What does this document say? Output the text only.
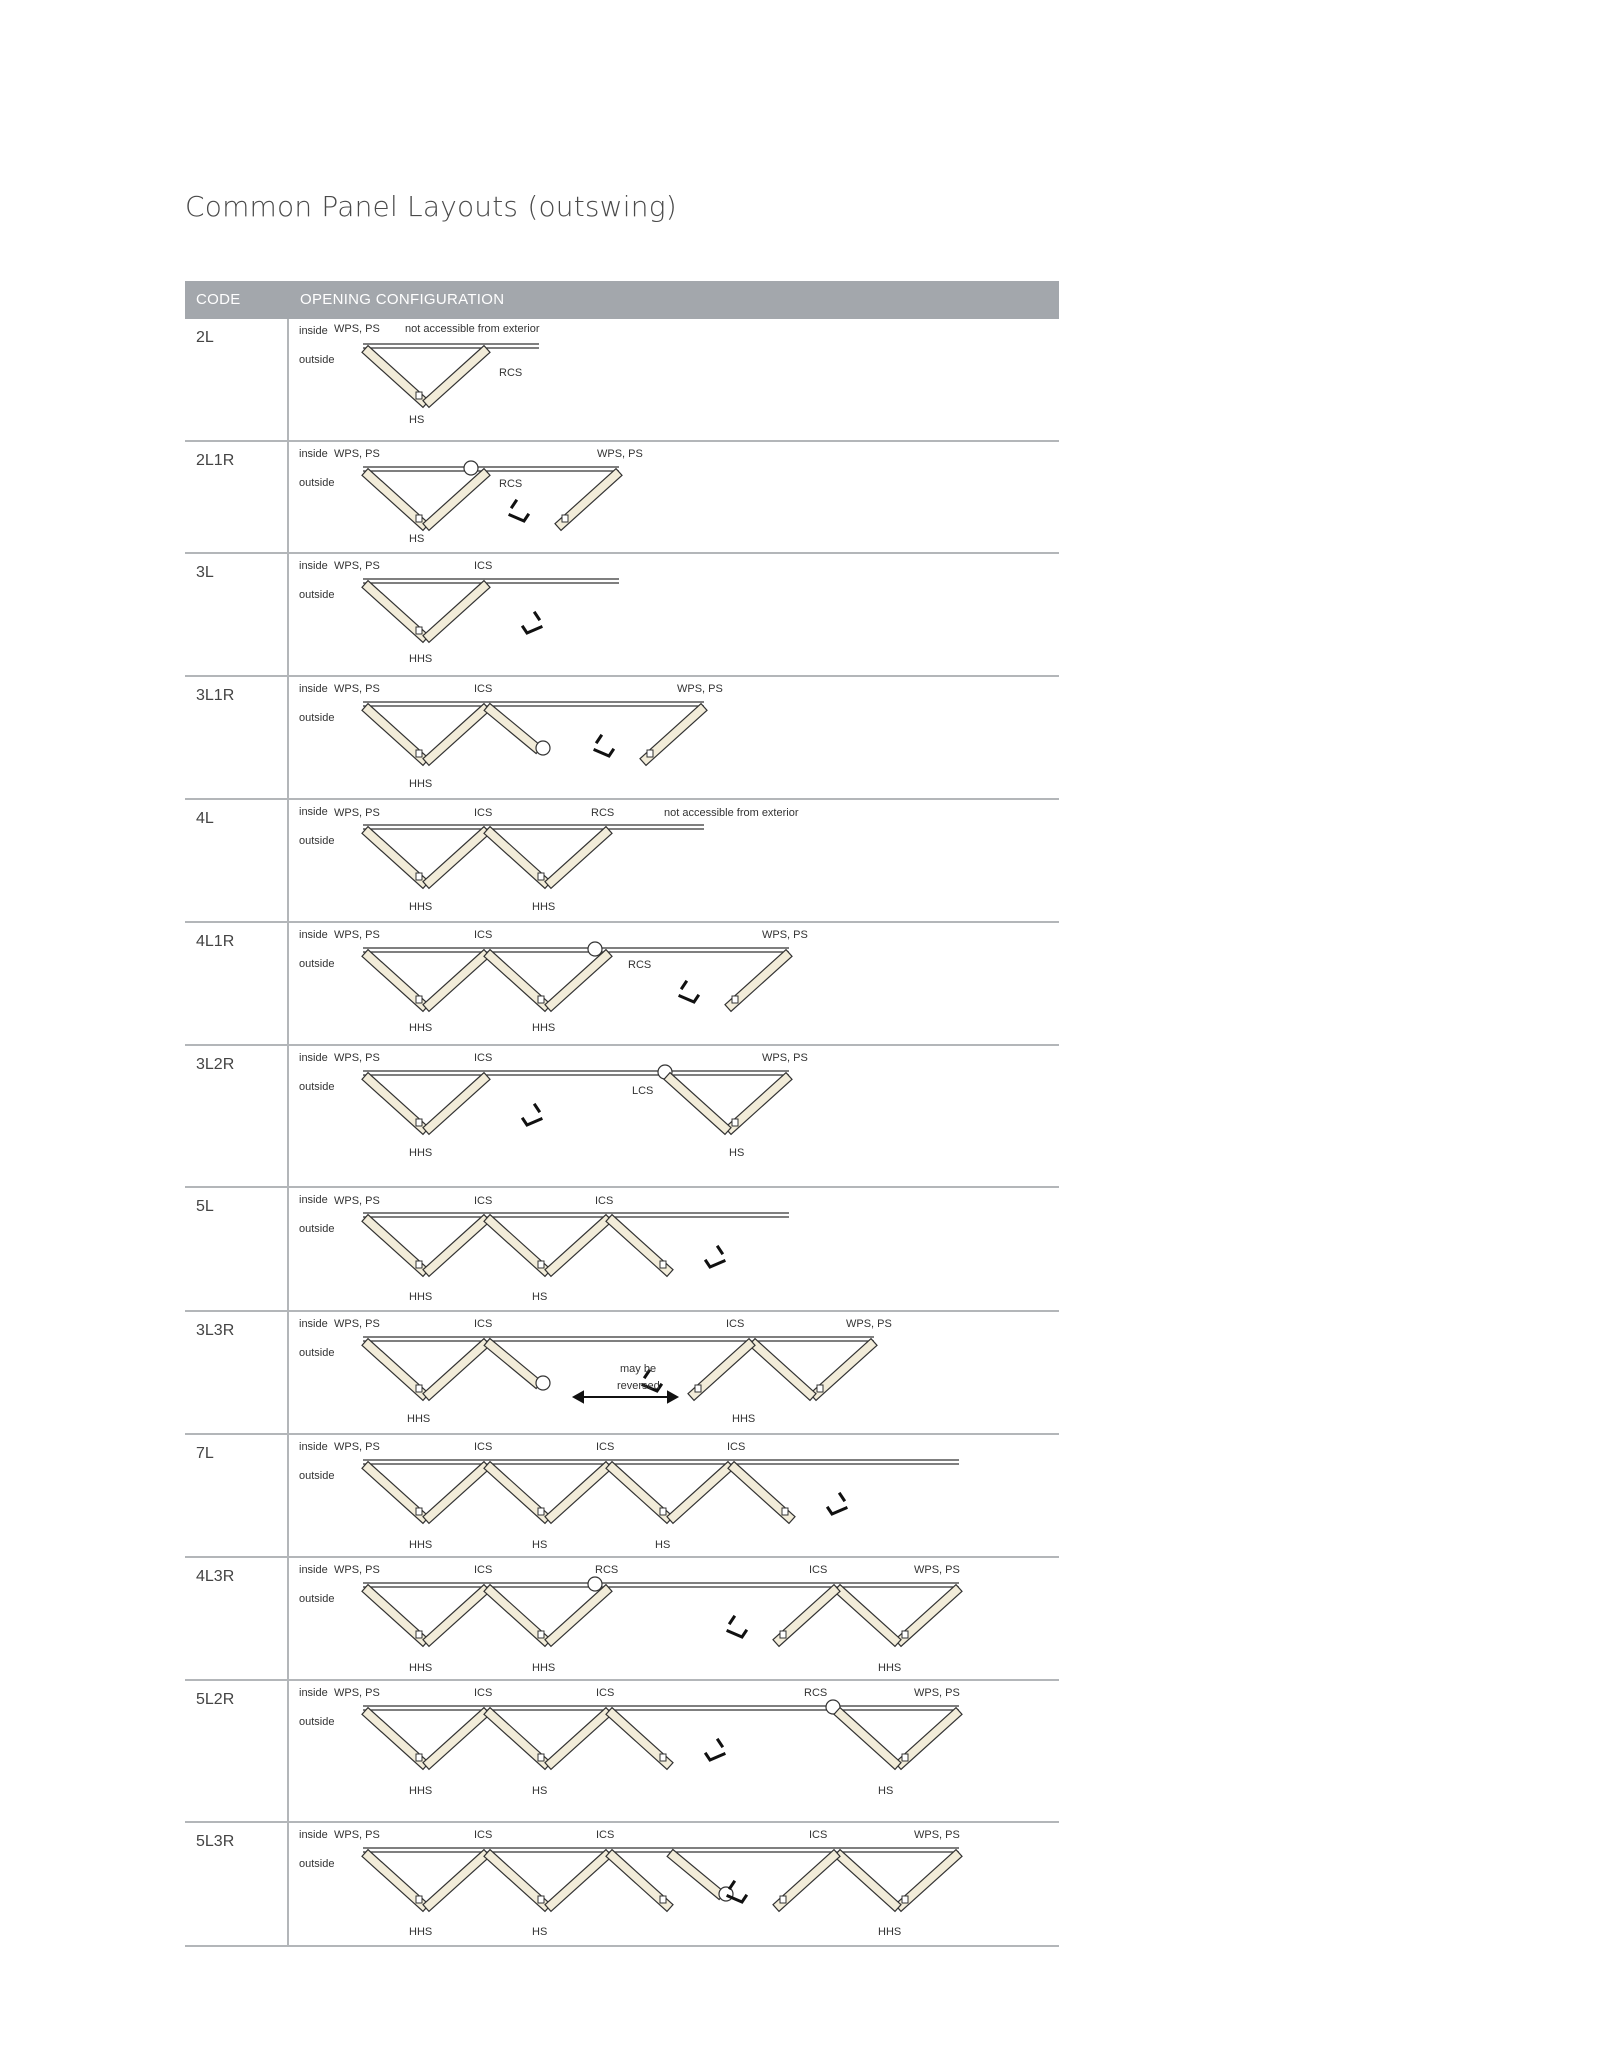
Common Panel Layouts (outswing)
CODE	OPENING CONFIGURATION
2L	inside
outside
WPS, PS not accessible from exterior
RCS
HS
2L1R	inside
outside
WPS, PS	WPS, PS
RCS
HS
3L	inside
outside
WPS, PS	ICS
HHS
3L1R	inside
outside
WPS, PS	ICS	WPS, PS
HHS
4L	inside
outside
WPS, PS	ICS	RCS	not accessible from exterior
HHS	HHS
4L1R	inside
outside
WPS, PS	ICS	WPS, PS
RCS
HHS	HHS
3L2R	inside
outside
WPS, PS	ICS	WPS, PS
LCS
HHS	HS
5L	inside
outside
WPS, PS	ICS	ICS
HHS	HS
3L3R	inside
outside
WPS, PS	ICS	ICS	WPS, PS
may be
reversed
HHS	HHS
7L	inside
outside
WPS, PS	ICS	ICS	ICS
HHS	HS	HS
4L3R	inside
outside
WPS, PS	ICS	RCS	ICS	WPS, PS
HHS	HHS	HHS
5L2R	inside
outside
WPS, PS	ICS	ICS	RCS	WPS, PS
HHS	HS	HS
5L3R	inside
outside
WPS, PS	ICS	ICS	ICS	WPS, PS
HHS	HS	HHS
